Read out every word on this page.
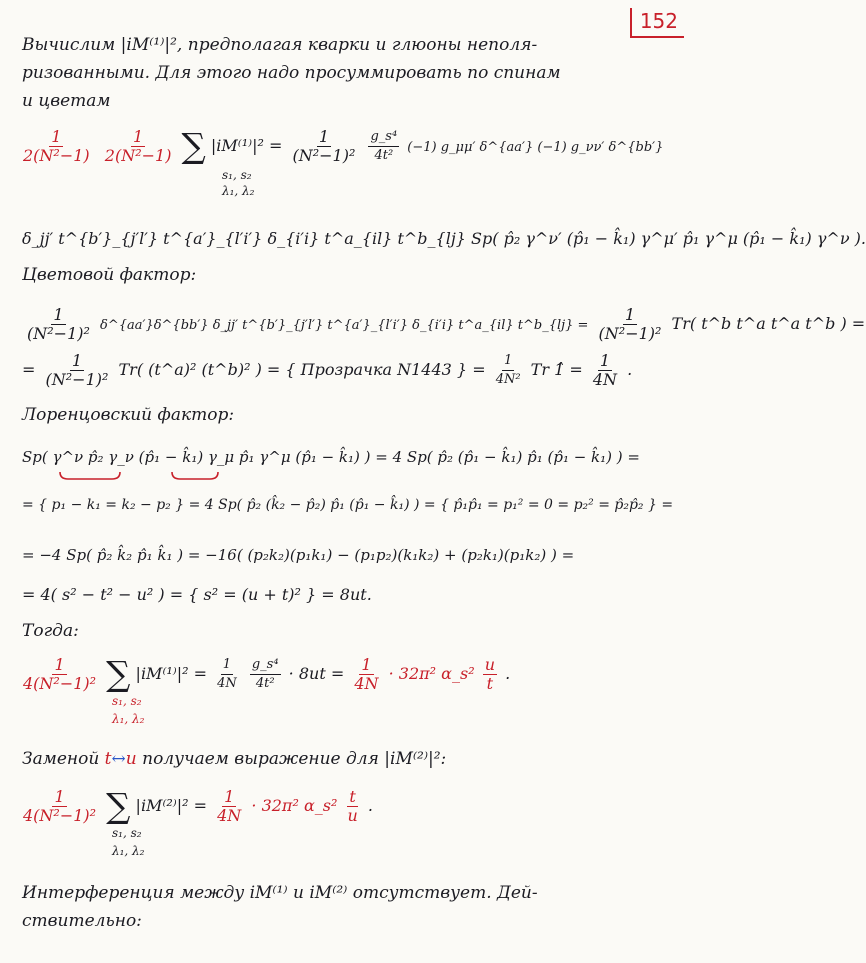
152
Вычислим |iM⁽¹⁾|², предполагая кварки и глюоны неполя-
ризованными. Для этого надо просуммировать по спинам
и цветам
$\frac{1}{\text{2(N²−1)}}$
$\frac{1}{\text{2(N²−1)}}$ ∑ $|iM^{(1)}|^2 = \frac{1}{\text{(N²−1)²}}$
$\frac{\text{g\_s⁴}}{\text{4t²}} (-1)$ g_μμ′ δ^{aa′} (−1) g_νν′ δ^{bb′}
s₁, s₂
λ₁, λ₂
δ_jj′ t^{b′}_{j′l′} t^{a′}_{l′i′} δ_{i′i} t^a_{il} t^b_{lj} Sp( p̂₂ γ^ν′ (p̂₁ − k̂₁) γ^μ′ p̂₁ γ^μ (p̂₁ − k̂₁) γ^ν ).
Цветовой фактор:
$\frac{1}{\text{(N²−1)²}}$ δ^{aa′}δ^{bb′} δ_jj′ t^{b′}_{j′l′} t^{a′}_{l′i′} δ_{i′i} t^a_{il} t^b_{lj} = $\frac{1}{\text{(N²−1)²}} Tr$( t^b t^a t^a t^b ) =
= $\frac{1}{\text{(N²−1)²}} Tr$( (t^a)² (t^b)² ) = { Прозрачка N1443 } = $\frac{1}{\text{4N²}}$ Tr 1̂ = $\frac{1}{4N}$ .
Лоренцовский фактор:
Sp( γ^ν p̂₂ γ_ν (p̂₁ − k̂₁) γ_μ p̂₁ γ^μ (p̂₁ − k̂₁) ) = 4 Sp( p̂₂ (p̂₁ − k̂₁) p̂₁ (p̂₁ − k̂₁) ) =
= { p₁ − k₁ = k₂ − p₂ } = 4 Sp( p̂₂ (k̂₂ − p̂₂) p̂₁ (p̂₁ − k̂₁) ) = { p̂₁p̂₁ = p₁² = 0 = p₂² = p̂₂p̂₂ } =
= −4 Sp( p̂₂ k̂₂ p̂₁ k̂₁ ) = −16( (p₂k₂)(p₁k₁) − (p₁p₂)(k₁k₂) + (p₂k₁)(p₁k₂) ) =
= 4( s² − t² − u² ) = { s² = (u + t)² } = 8ut.
Тогда:
$\frac{1}{\text{4(N²−1)²}}$ ∑ $|iM^{(1)}|^2 = \frac{1}{4N}$
$\frac{\text{g\_s⁴}}{\text{4t²}} \cdot 8ut = \frac{1}{4N} \cdot 32\pi^2$ α_s² $\frac{u}{t}$ .
s₁, s₂
λ₁, λ₂
Заменой t↔u получаем выражение для |iM⁽²⁾|²:
$\frac{1}{\text{4(N²−1)²}}$ ∑ $|iM^{(2)}|^2 = \frac{1}{4N} \cdot 32\pi^2$ α_s² $\frac{t}{u}$ .
s₁, s₂
λ₁, λ₂
Интерференция между iM⁽¹⁾ и iM⁽²⁾ отсутствует. Дей-
ствительно:
